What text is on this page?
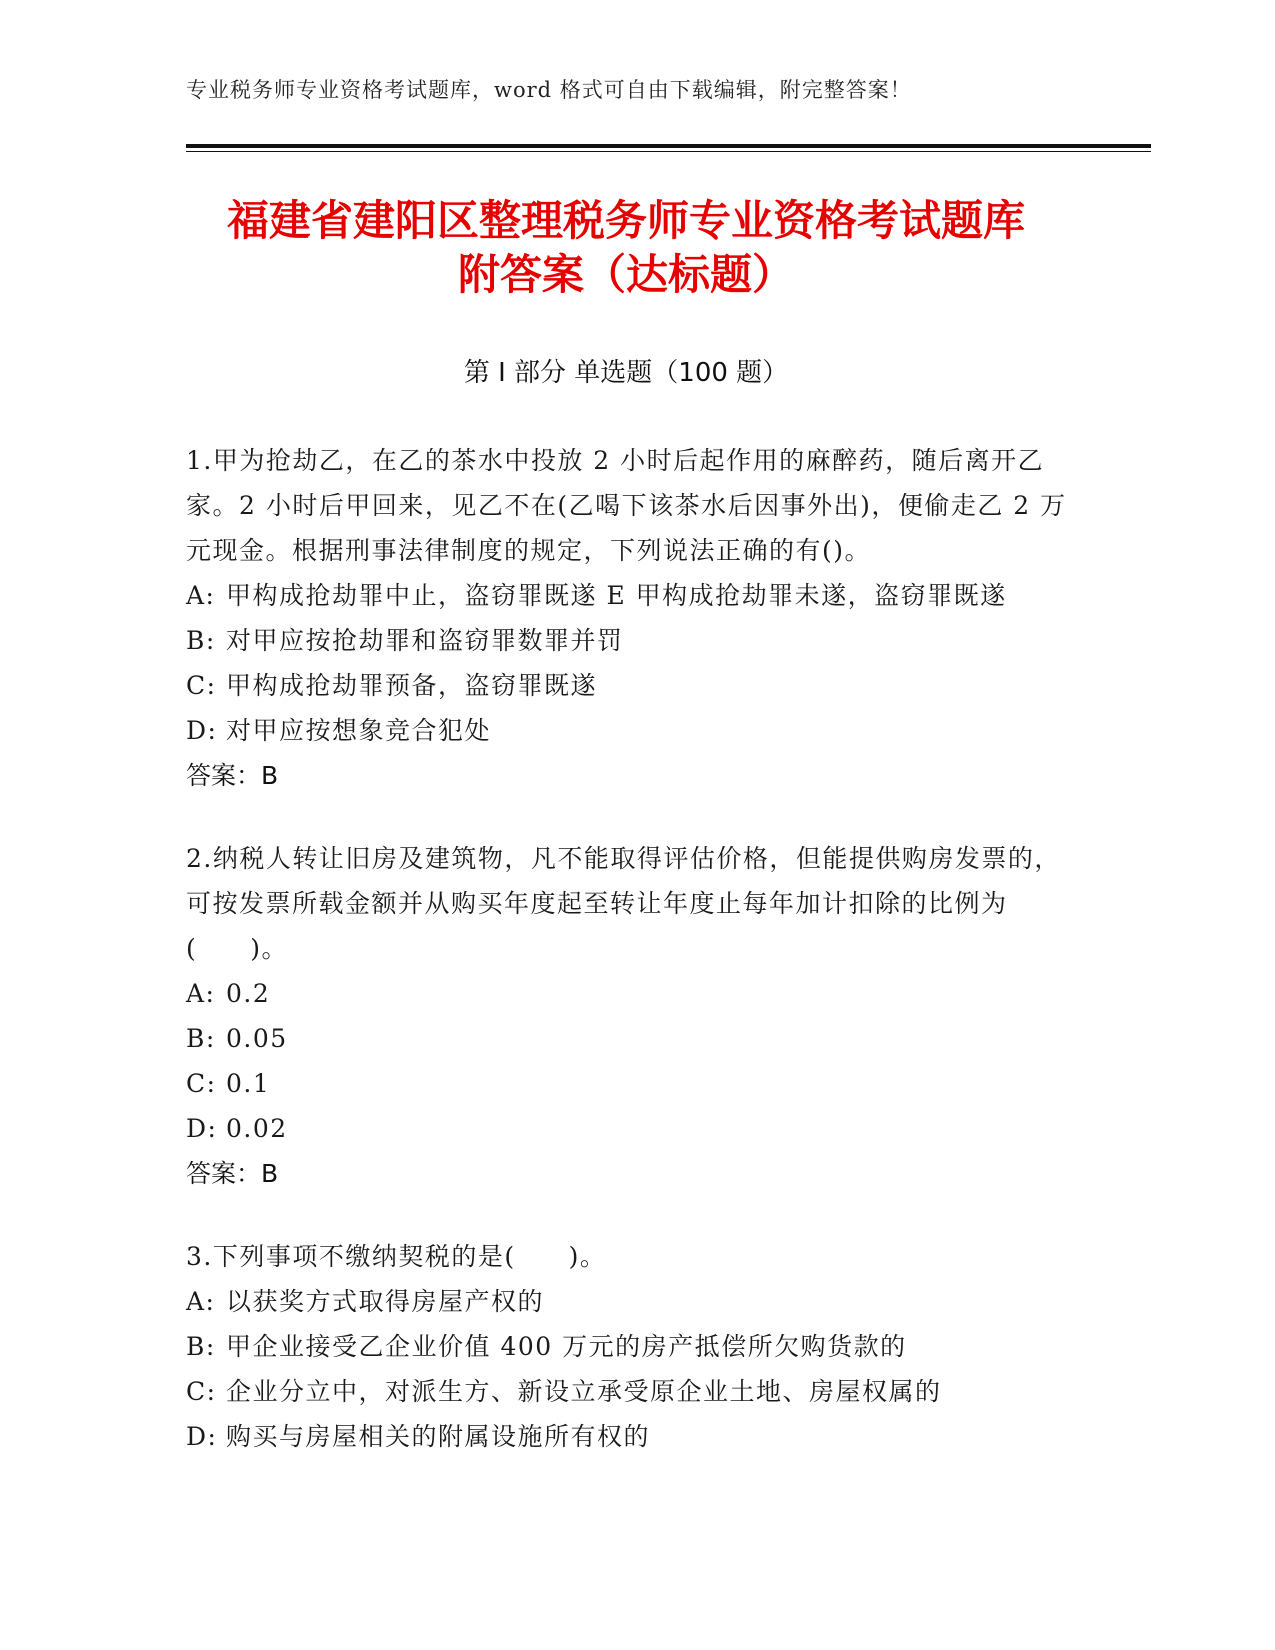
专业税务师专业资格考试题库，word 格式可自由下载编辑，附完整答案！
福建省建阳区整理税务师专业资格考试题库
附答案（达标题）
第 I 部分 单选题（100 题）

1.甲为抢劫乙，在乙的茶水中投放 2 小时后起作用的麻醉药，随后离开乙家。2 小时后甲回来，见乙不在(乙喝下该茶水后因事外出)，便偷走乙 2 万元现金。根据刑事法律制度的规定，下列说法正确的有()。

A: 甲构成抢劫罪中止，盗窃罪既遂 E 甲构成抢劫罪未遂，盗窃罪既遂
B: 对甲应按抢劫罪和盗窃罪数罪并罚
C: 甲构成抢劫罪预备，盗窃罪既遂
D: 对甲应按想象竞合犯处
答案：B

2.纳税人转让旧房及建筑物，凡不能取得评估价格，但能提供购房发票的，可按发票所载金额并从购买年度起至转让年度止每年加计扣除的比例为(　　)。

A: 0.2
B: 0.05
C: 0.1
D: 0.02
答案：B

3.下列事项不缴纳契税的是(　　)。

A: 以获奖方式取得房屋产权的
B: 甲企业接受乙企业价值 400 万元的房产抵偿所欠购货款的
C: 企业分立中，对派生方、新设立承受原企业土地、房屋权属的
D: 购买与房屋相关的附属设施所有权的
